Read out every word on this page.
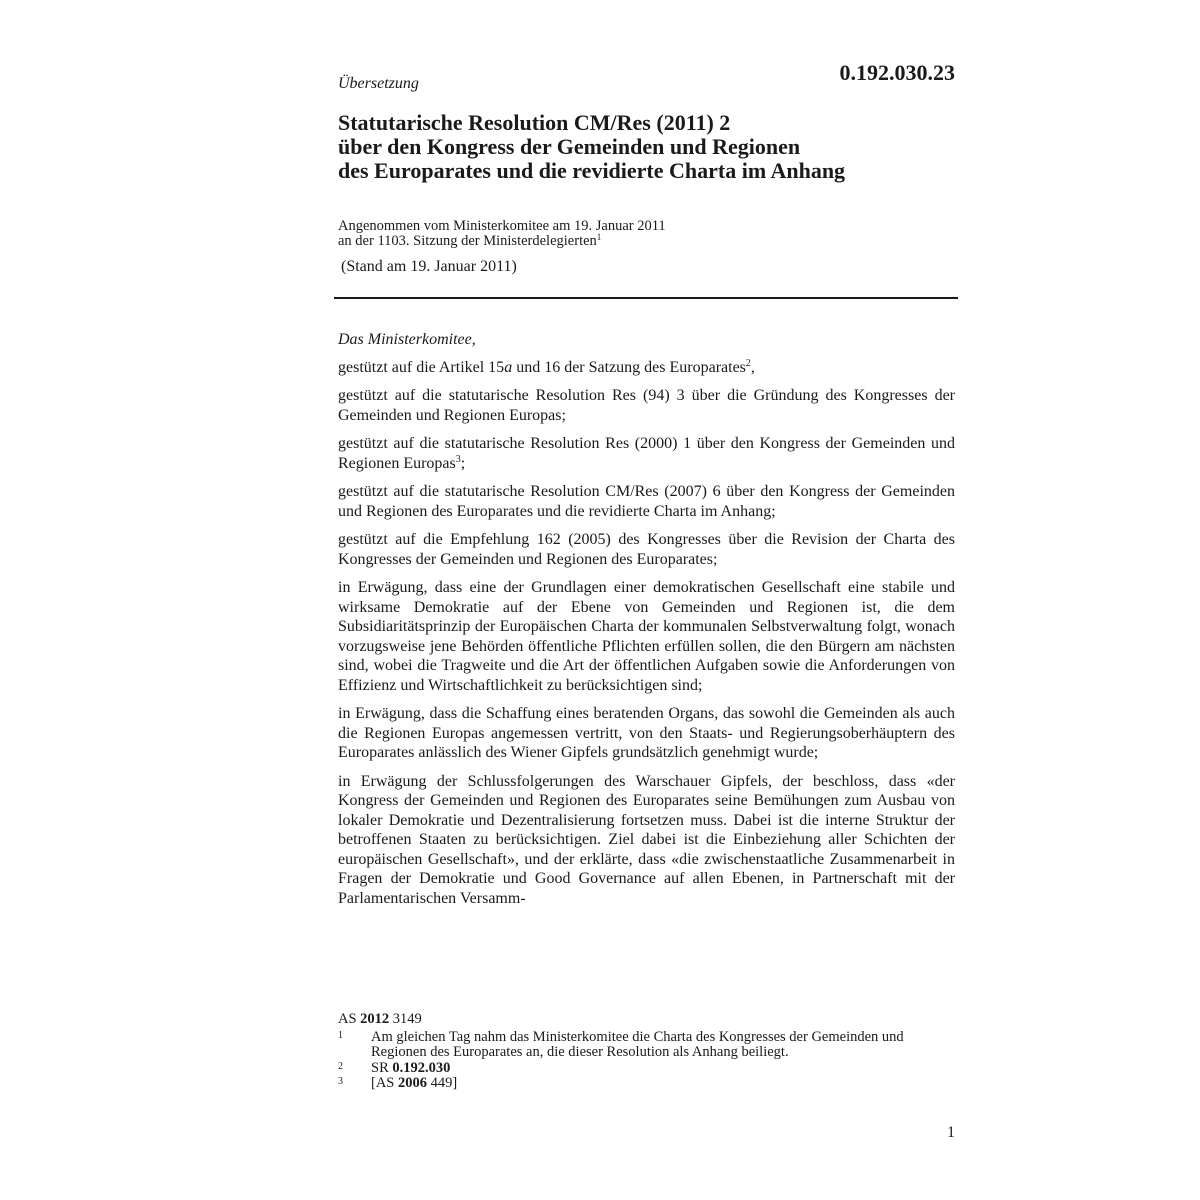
0.192.030.23
Übersetzung
Statutarische Resolution CM/Res (2011) 2
über den Kongress der Gemeinden und Regionen
des Europarates und die revidierte Charta im Anhang
Angenommen vom Ministerkomitee am 19. Januar 2011
an der 1103. Sitzung der Ministerdelegierten$^1$
(Stand am 19. Januar 2011)

Das Ministerkomitee,

gestützt auf die Artikel 15a und 16 der Satzung des Europarates$^2$,

gestützt auf die statutarische Resolution Res (94) 3 über die Gründung des Kongresses der Gemeinden und Regionen Europas;

gestützt auf die statutarische Resolution Res (2000) 1 über den Kongress der Gemeinden und Regionen Europas$^3$;

gestützt auf die statutarische Resolution CM/Res (2007) 6 über den Kongress der Gemeinden und Regionen des Europarates und die revidierte Charta im Anhang;

gestützt auf die Empfehlung 162 (2005) des Kongresses über die Revision der Charta des Kongresses der Gemeinden und Regionen des Europarates;

in Erwägung, dass eine der Grundlagen einer demokratischen Gesellschaft eine stabile und wirksame Demokratie auf der Ebene von Gemeinden und Regionen ist, die dem Subsidiaritätsprinzip der Europäischen Charta der kommunalen Selbstverwaltung folgt, wonach vorzugsweise jene Behörden öffentliche Pflichten erfüllen sollen, die den Bürgern am nächsten sind, wobei die Tragweite und die Art der öffentlichen Aufgaben sowie die Anforderungen von Effizienz und Wirtschaftlichkeit zu berücksichtigen sind;

in Erwägung, dass die Schaffung eines beratenden Organs, das sowohl die Gemeinden als auch die Regionen Europas angemessen vertritt, von den Staats- und Regierungsoberhäuptern des Europarates anlässlich des Wiener Gipfels grundsätzlich genehmigt wurde;

in Erwägung der Schlussfolgerungen des Warschauer Gipfels, der beschloss, dass «der Kongress der Gemeinden und Regionen des Europarates seine Bemühungen zum Ausbau von lokaler Demokratie und Dezentralisierung fortsetzen muss. Dabei ist die interne Struktur der betroffenen Staaten zu berücksichtigen. Ziel dabei ist die Einbeziehung aller Schichten der europäischen Gesellschaft», und der erklärte, dass «die zwischenstaatliche Zusammenarbeit in Fragen der Demokratie und Good Governance auf allen Ebenen, in Partnerschaft mit der Parlamentarischen Versamm-

AS 2012 3149
1	Am gleichen Tag nahm das Ministerkomitee die Charta des Kongresses der Gemeinden und Regionen des Europarates an, die dieser Resolution als Anhang beiliegt.
2	SR 0.192.030
3	[AS 2006 449]
1
